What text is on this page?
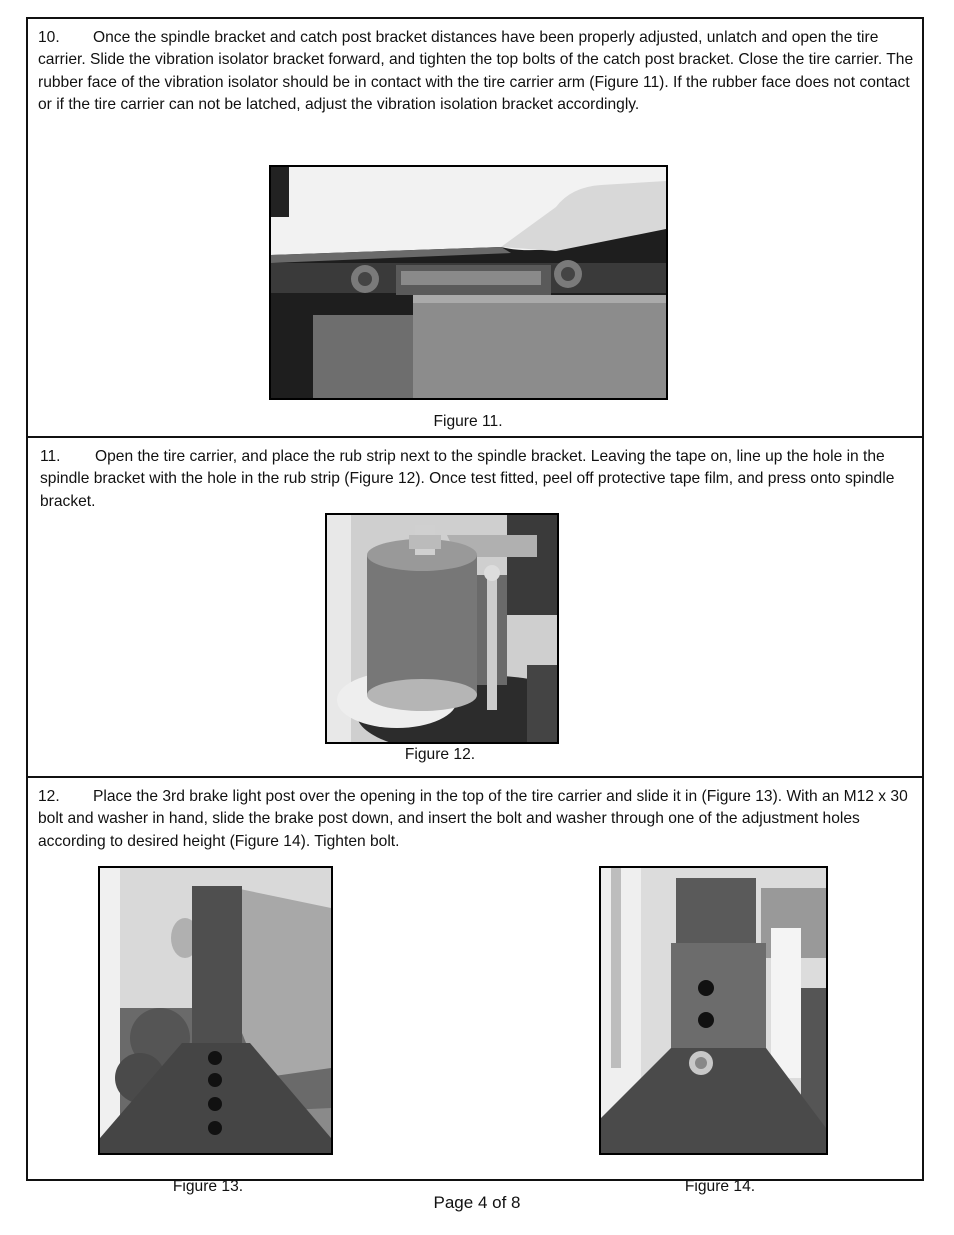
10. Once the spindle bracket and catch post bracket distances have been properly adjusted, unlatch and open the tire carrier. Slide the vibration isolator bracket forward, and tighten the top bolts of the catch post bracket. Close the tire carrier. The rubber face of the vibration isolator should be in contact with the tire carrier arm (Figure 11). If the rubber face does not contact or if the tire carrier can not be latched, adjust the vibration isolation bracket accordingly.

Figure 11.

11. Open the tire carrier, and place the rub strip next to the spindle bracket. Leaving the tape on, line up the hole in the spindle bracket with the hole in the rub strip (Figure 12). Once test fitted, peel off protective tape film, and press onto spindle bracket.

Figure 12.

12. Place the 3rd brake light post over the opening in the top of the tire carrier and slide it in (Figure 13). With an M12 x 30 bolt and washer in hand, slide the brake post down, and insert the bolt and washer through one of the adjustment holes according to desired height (Figure 14). Tighten bolt.

Figure 13.	Figure 14.
Page 4 of 8
